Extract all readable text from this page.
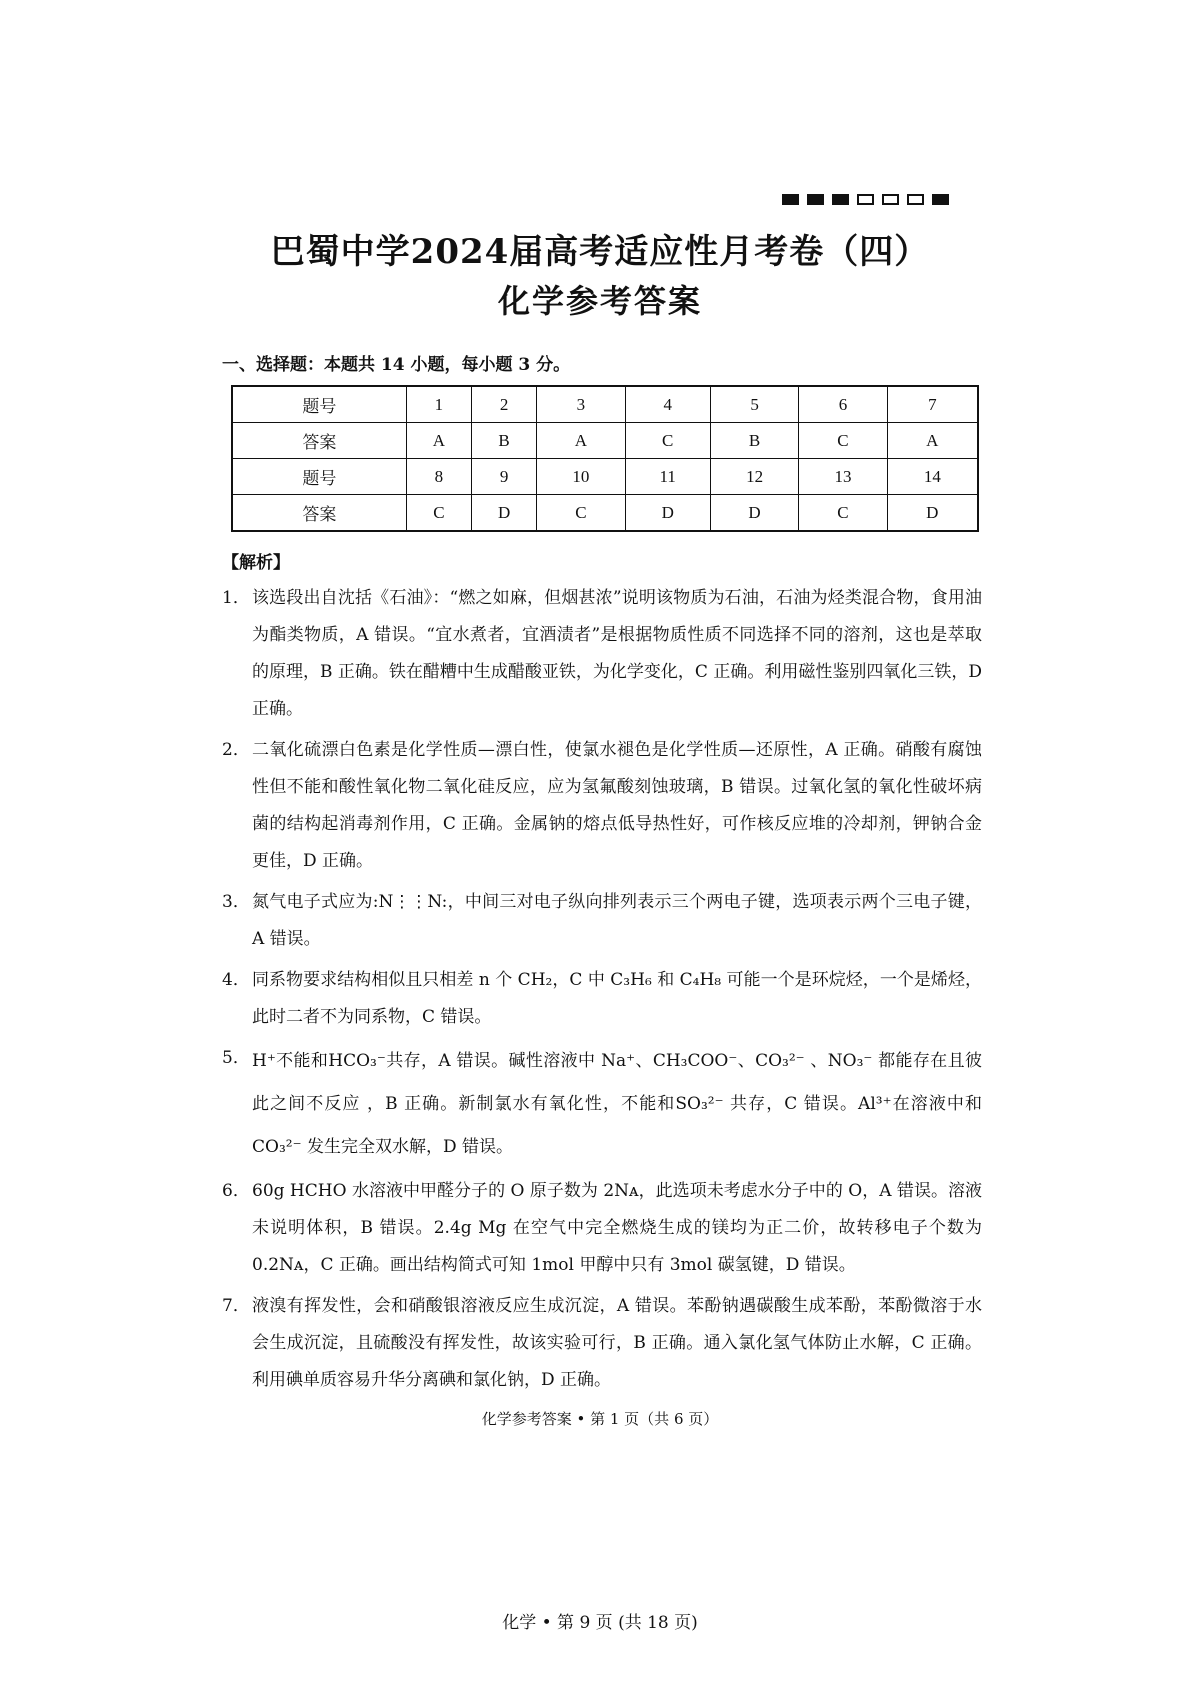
巴蜀中学2024届高考适应性月考卷（四）
化学参考答案
一、选择题：本题共 14 小题，每小题 3 分。
题号	1	2	3	4	5	6	7
答案	A	B	A	C	B	C	A
题号	8	9	10	11	12	13	14
答案	C	D	C	D	D	C	D
【解析】
1． 该选段出自沈括《石油》：“燃之如麻，但烟甚浓”说明该物质为石油，石油为烃类混合物，食用油为酯类物质，A 错误。“宜水煮者，宜酒渍者”是根据物质性质不同选择不同的溶剂，这也是萃取的原理，B 正确。铁在醋糟中生成醋酸亚铁，为化学变化，C 正确。利用磁性鉴别四氧化三铁，D 正确。
2． 二氧化硫漂白色素是化学性质—漂白性，使氯水褪色是化学性质—还原性，A 正确。硝酸有腐蚀性但不能和酸性氧化物二氧化硅反应，应为氢氟酸刻蚀玻璃，B 错误。过氧化氢的氧化性破坏病菌的结构起消毒剂作用，C 正确。金属钠的熔点低导热性好，可作核反应堆的冷却剂，钾钠合金更佳，D 正确。
3． 氮气电子式应为:N⋮⋮N:，中间三对电子纵向排列表示三个两电子键，选项表示两个三电子键，A 错误。
4． 同系物要求结构相似且只相差 n 个 CH₂，C 中 C₃H₆ 和 C₄H₈ 可能一个是环烷烃，一个是烯烃，此时二者不为同系物，C 错误。
5． H⁺不能和HCO₃⁻共存，A 错误。碱性溶液中 Na⁺、CH₃COO⁻、CO₃²⁻ 、NO₃⁻ 都能存在且彼此之间不反应 ，B 正确。新制氯水有氧化性，不能和SO₃²⁻ 共存，C 错误。Al³⁺在溶液中和CO₃²⁻ 发生完全双水解，D 错误。
6． 60g HCHO 水溶液中甲醛分子的 O 原子数为 2Nᴀ，此选项未考虑水分子中的 O，A 错误。溶液未说明体积，B 错误。2.4g Mg 在空气中完全燃烧生成的镁均为正二价，故转移电子个数为 0.2Nᴀ，C 正确。画出结构简式可知 1mol 甲醇中只有 3mol 碳氢键，D 错误。
7． 液溴有挥发性，会和硝酸银溶液反应生成沉淀，A 错误。苯酚钠遇碳酸生成苯酚，苯酚微溶于水会生成沉淀，且硫酸没有挥发性，故该实验可行，B 正确。通入氯化氢气体防止水解，C 正确。利用碘单质容易升华分离碘和氯化钠，D 正确。
化学参考答案 • 第 1 页（共 6 页）
化学 • 第 9 页 (共 18 页)
